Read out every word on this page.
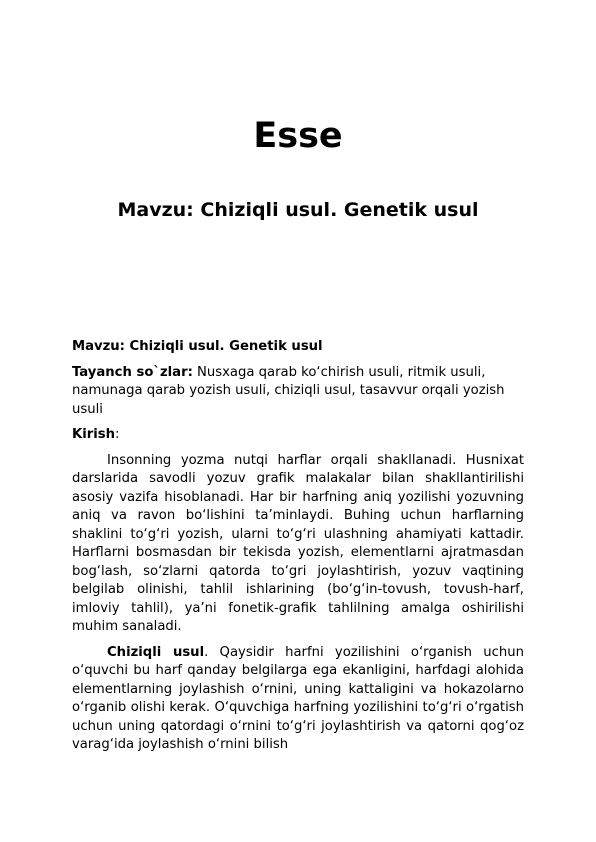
Esse
Mavzu: Chiziqli usul. Genetik usul

Mavzu: Chiziqli usul. Genetik usul

Tayanch so`zlar: Nusxaga qarab ko‘chirish usuli, ritmik usuli, namunaga qarab yozish usuli, chiziqli usul, tasavvur orqali yozish usuli

Kirish:

Insonning yozma nutqi harflar orqali shakllanadi. Husnixat darslarida savodli yozuv grafik malakalar bilan shakllantirilishi asosiy vazifa hisoblanadi. Har bir harfning aniq yozilishi yozuvning aniq va ravon bo‘lishini ta’minlaydi. Buhing uchun harflarning shaklini to‘g‘ri yozish, ularni to‘g‘ri ulashning ahamiyati kattadir. Harflarni bosmasdan bir tekisda yozish, elementlarni ajratmasdan bog‘lash, so‘zlarni qatorda to‘gri joylashtirish, yozuv vaqtining belgilab olinishi, tahlil ishlarining (bo‘g‘in-tovush, tovush-harf, imloviy tahlil), ya’ni fonetik-grafik tahlilning amalga oshirilishi muhim sanaladi.

Chiziqli usul. Qaysidir harfni yozilishini o‘rganish uchun o‘quvchi bu harf qanday belgilarga ega ekanligini, harfdagi alohida elementlarning joylashish o‘rnini, uning kattaligini va hokazolarno o‘rganib olishi kerak. O‘quvchiga harfning yozilishini to‘g‘ri o‘rgatish uchun uning qatordagi o‘rnini to‘g‘ri joylashtirish va qatorni qog‘oz varag‘ida joylashish o‘rnini bilish
